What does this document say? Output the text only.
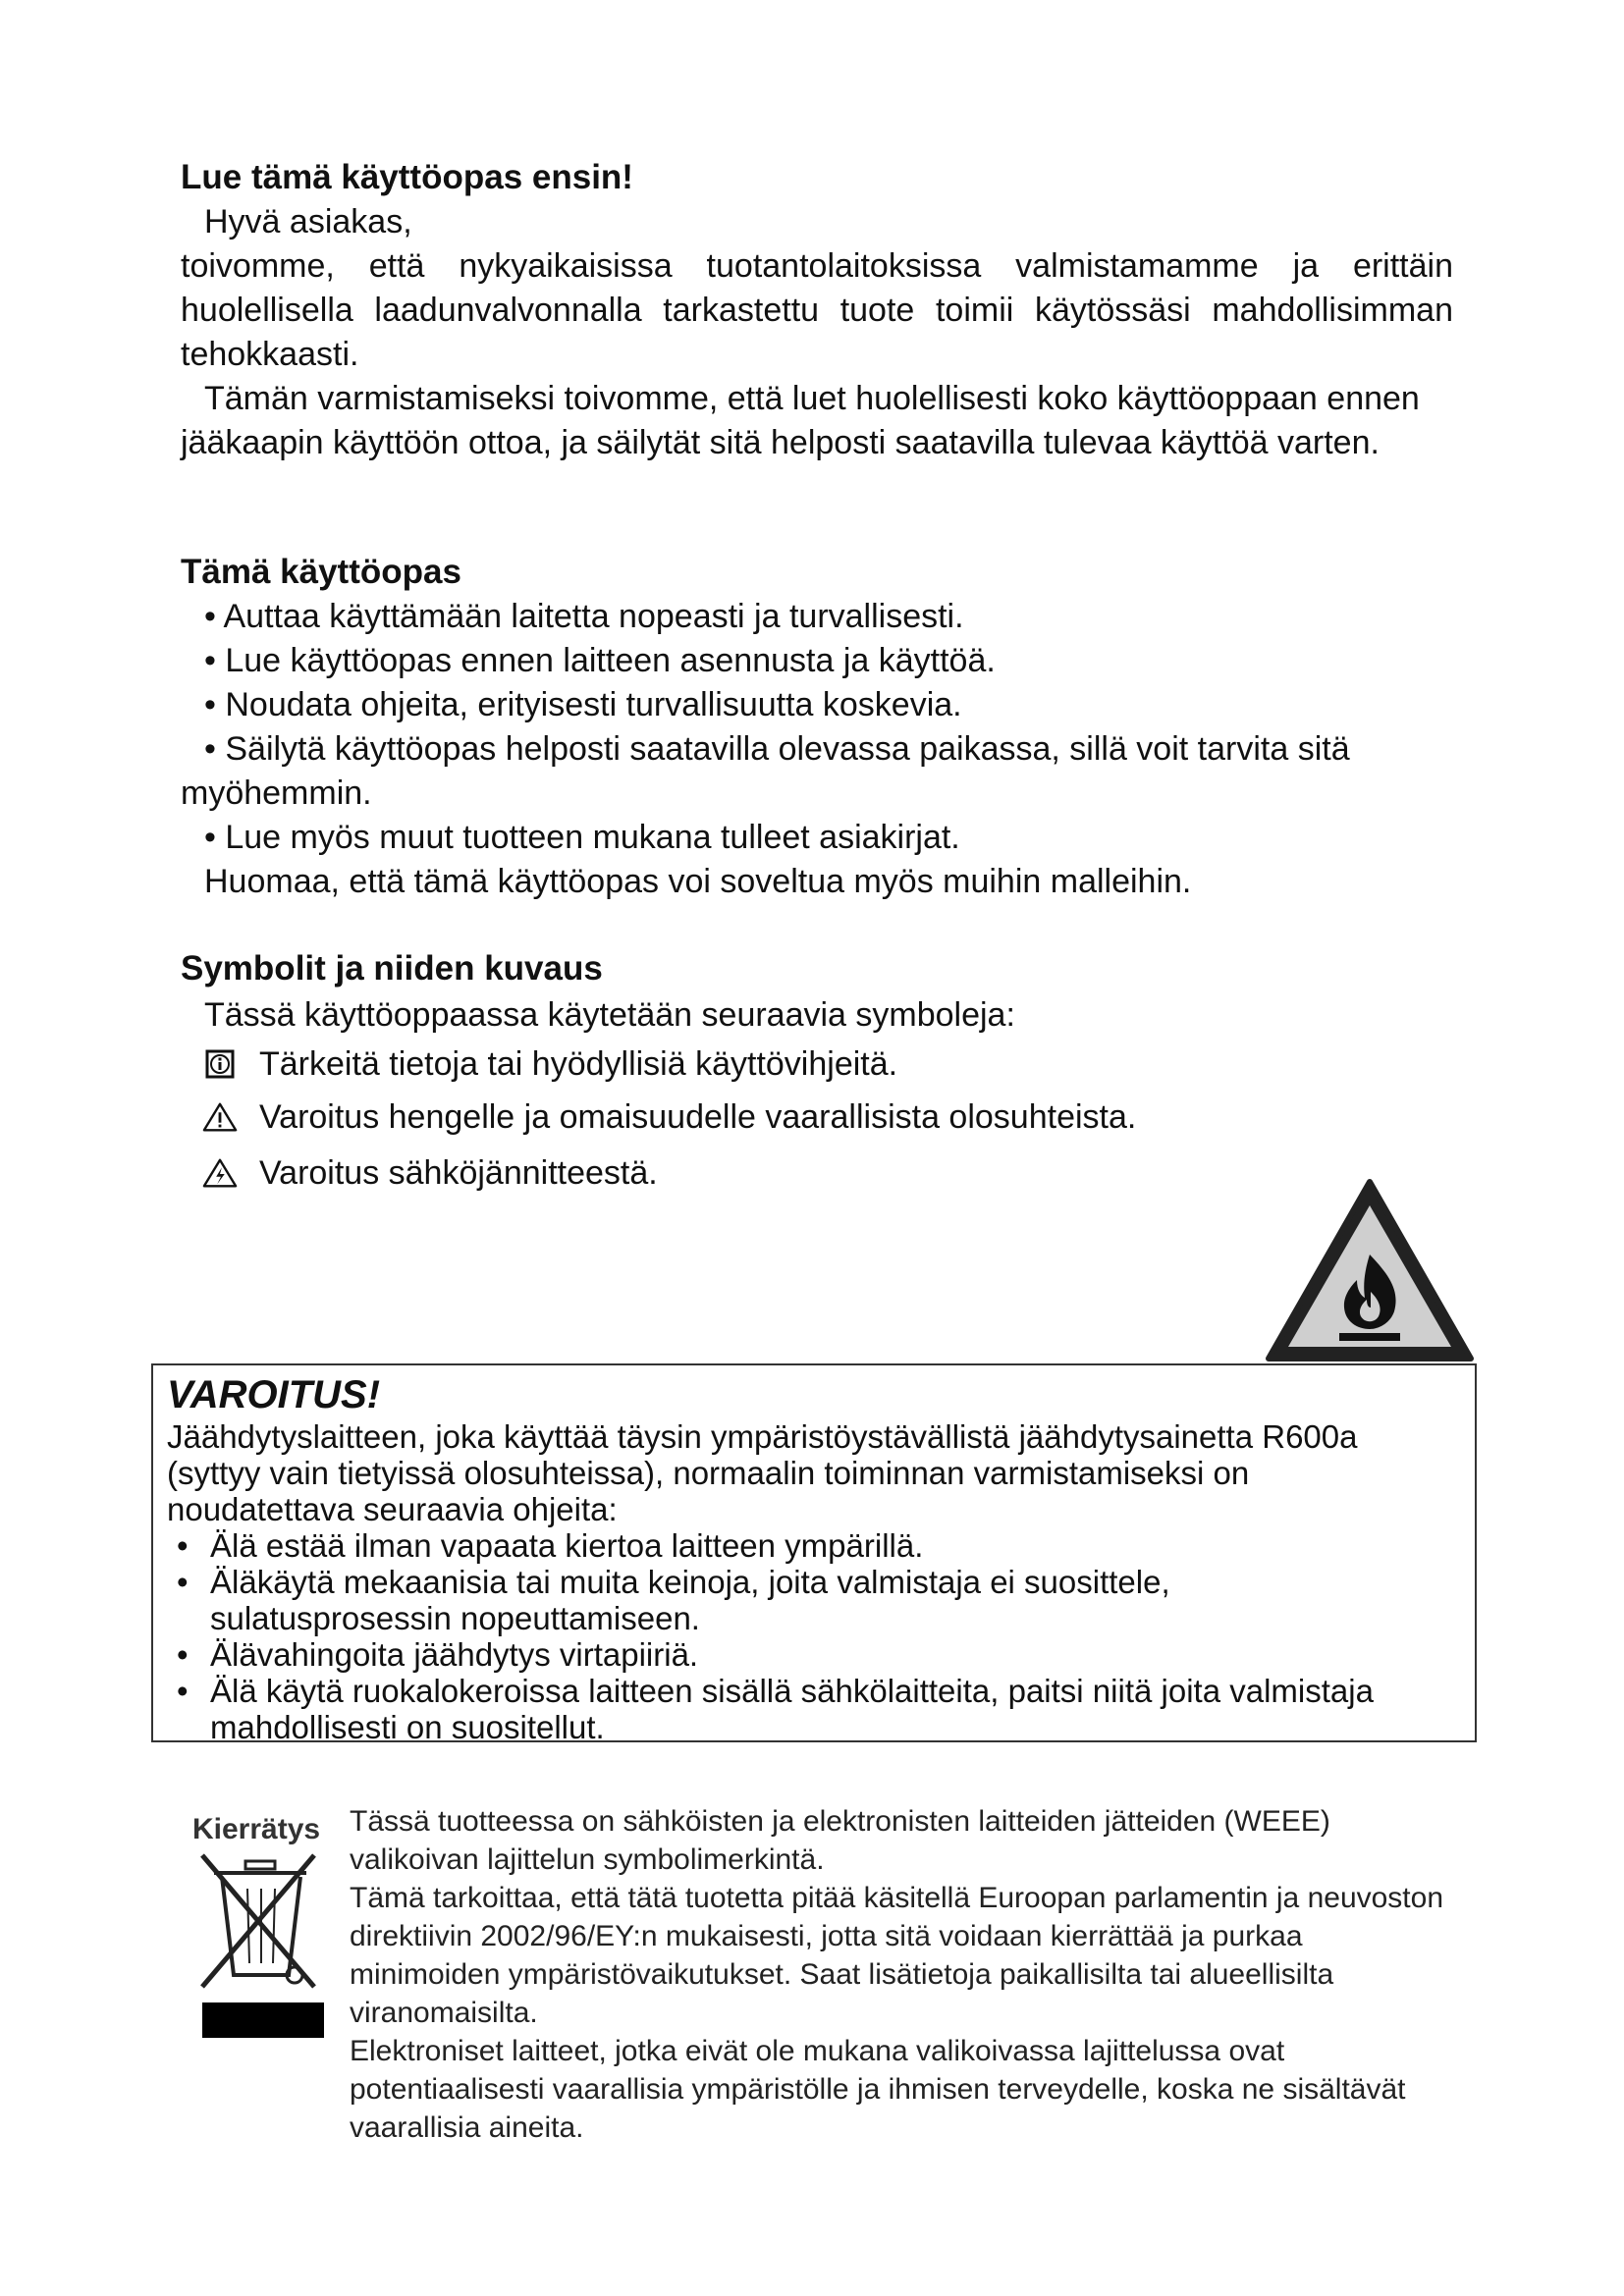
Lue tämä käyttöopas ensin!

Hyvä asiakas,

toivomme, että nykyaikaisissa tuotantolaitoksissa valmistamamme ja erittäin huolellisella laadunvalvonnalla tarkastettu tuote toimii käytössäsi mahdollisimman tehokkaasti.

Tämän varmistamiseksi toivomme, että luet huolellisesti koko käyttöoppaan ennen jääkaapin käyttöön ottoa, ja säilytät sitä helposti saatavilla tulevaa käyttöä varten.

Tämä käyttöopas
• Auttaa käyttämään laitetta nopeasti ja turvallisesti.
• Lue käyttöopas ennen laitteen asennusta ja käyttöä.
• Noudata ohjeita, erityisesti turvallisuutta koskevia.
• Säilytä käyttöopas helposti saatavilla olevassa paikassa, sillä voit tarvita sitä myöhemmin.
• Lue myös muut tuotteen mukana tulleet asiakirjat.
Huomaa, että tämä käyttöopas voi soveltua myös muihin malleihin.
Symbolit ja niiden kuvaus
Tässä käyttöoppaassa käytetään seuraavia symboleja:
Tärkeitä tietoja tai hyödyllisiä käyttövihjeitä.
Varoitus hengelle ja omaisuudelle vaarallisista olosuhteista.
Varoitus sähköjännitteestä.
VAROITUS!
Jäähdytyslaitteen, joka käyttää täysin ympäristöystävällistä jäähdytysainetta R600a (syttyy vain tietyissä olosuhteissa), normaalin toiminnan varmistamiseksi on noudatettava seuraavia ohjeita:
• Älä estää ilman vapaata kiertoa laitteen ympärillä.
• Äläkäytä mekaanisia tai muita keinoja, joita valmistaja ei suosittele, sulatusprosessin nopeuttamiseen.
• Älävahingoita jäähdytys virtapiiriä.
• Älä käytä ruokalokeroissa laitteen sisällä sähkölaitteita, paitsi niitä joita valmistaja mahdollisesti on suositellut.
Kierrätys Tässä tuotteessa on sähköisten ja elektronisten laitteiden jätteiden (WEEE) valikoivan lajittelun symbolimerkintä.

Tämä tarkoittaa, että tätä tuotetta pitää käsitellä Euroopan parlamentin ja neuvoston direktiivin 2002/96/EY:n mukaisesti, jotta sitä voidaan kierrättää ja purkaa minimoiden ympäristövaikutukset. Saat lisätietoja paikallisilta tai alueellisilta viranomaisilta.

Elektroniset laitteet, jotka eivät ole mukana valikoivassa lajittelussa ovat potentiaalisesti vaarallisia ympäristölle ja ihmisen terveydelle, koska ne sisältävät vaarallisia aineita.
